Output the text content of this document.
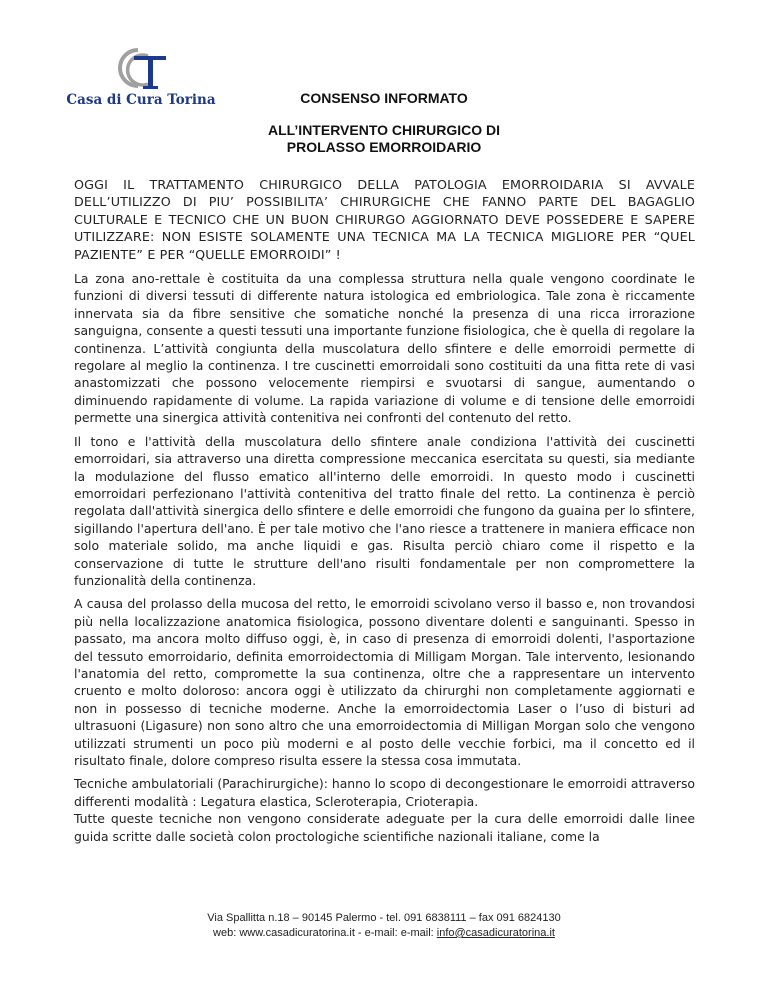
Casa di Cura Torina	CONSENSO INFORMATO
ALL’INTERVENTO CHIRURGICO DI
PROLASSO EMORROIDARIO

OGGI IL TRATTAMENTO CHIRURGICO DELLA PATOLOGIA EMORROIDARIA SI AVVALE DELL’UTILIZZO DI PIU’ POSSIBILITA’ CHIRURGICHE CHE FANNO PARTE DEL BAGAGLIO CULTURALE E TECNICO CHE UN BUON CHIRURGO AGGIORNATO DEVE POSSEDERE E SAPERE UTILIZZARE: NON ESISTE SOLAMENTE UNA TECNICA MA LA TECNICA MIGLIORE PER “QUEL PAZIENTE” E PER “QUELLE EMORROIDI” !

La zona ano-rettale è costituita da una complessa struttura nella quale vengono coordinate le funzioni di diversi tessuti di differente natura istologica ed embriologica. Tale zona è riccamente innervata sia da fibre sensitive che somatiche nonché la presenza di una ricca irrorazione sanguigna, consente a questi tessuti una importante funzione fisiologica, che è quella di regolare la continenza. L’attività congiunta della muscolatura dello sfintere e delle emorroidi permette di regolare al meglio la continenza. I tre cuscinetti emorroidali sono costituiti da una fitta rete di vasi anastomizzati che possono velocemente riempirsi e svuotarsi di sangue, aumentando o diminuendo rapidamente di volume. La rapida variazione di volume e di tensione delle emorroidi permette una sinergica attività contenitiva nei confronti del contenuto del retto.

Il tono e l'attività della muscolatura dello sfintere anale condiziona l'attività dei cuscinetti emorroidari, sia attraverso una diretta compressione meccanica esercitata su questi, sia mediante la modulazione del flusso ematico all'interno delle emorroidi. In questo modo i cuscinetti emorroidari perfezionano l'attività contenitiva del tratto finale del retto. La continenza è perciò regolata dall'attività sinergica dello sfintere e delle emorroidi che fungono da guaina per lo sfintere, sigillando l'apertura dell'ano. È per tale motivo che l'ano riesce a trattenere in maniera efficace non solo materiale solido, ma anche liquidi e gas. Risulta perciò chiaro come il rispetto e la conservazione di tutte le strutture dell'ano risulti fondamentale per non compromettere la funzionalità della continenza.

A causa del prolasso della mucosa del retto, le emorroidi scivolano verso il basso e, non trovandosi più nella localizzazione anatomica fisiologica, possono diventare dolenti e sanguinanti. Spesso in passato, ma ancora molto diffuso oggi, è, in caso di presenza di emorroidi dolenti, l'asportazione del tessuto emorroidario, definita emorroidectomia di Milligam Morgan. Tale intervento, lesionando l'anatomia del retto, compromette la sua continenza, oltre che a rappresentare un intervento cruento e molto doloroso: ancora oggi è utilizzato da chirurghi non completamente aggiornati e non in possesso di tecniche moderne. Anche la emorroidectomia Laser o l’uso di bisturi ad ultrasuoni (Ligasure) non sono altro che una emorroidectomia di Milligan Morgan solo che vengono utilizzati strumenti un poco più moderni e al posto delle vecchie forbici, ma il concetto ed il risultato finale, dolore compreso risulta essere la stessa cosa immutata.

Tecniche ambulatoriali (Parachirurgiche): hanno lo scopo di decongestionare le emorroidi attraverso differenti modalità : Legatura elastica, Scleroterapia, Crioterapia.

Tutte queste tecniche non vengono considerate adeguate per la cura delle emorroidi dalle linee guida scritte dalle società colon proctologiche scientifiche nazionali italiane, come la

Via Spallitta n.18 – 90145 Palermo - tel. 091 6838111 – fax 091 6824130
web: www.casadicuratorina.it - e-mail: e-mail: info@casadicuratorina.it
